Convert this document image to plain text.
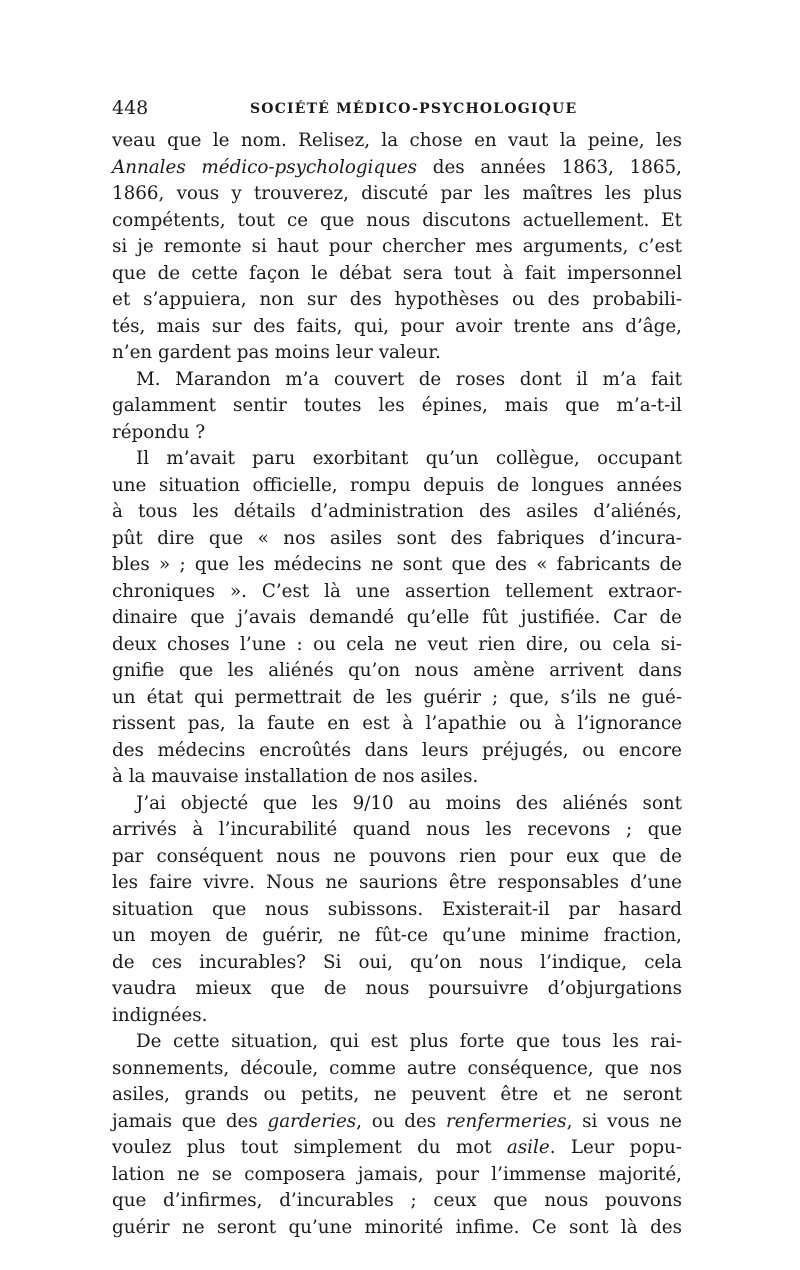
448	SOCIÉTÉ MÉDICO-PSYCHOLOGIQUE
veau que le nom. Relisez, la chose en vaut la peine, les
Annales médico-psychologiques des années 1863, 1865,
1866, vous y trouverez, discuté par les maîtres les plus
compétents, tout ce que nous discutons actuellement. Et
si je remonte si haut pour chercher mes arguments, c’est
que de cette façon le débat sera tout à fait impersonnel
et s’appuiera, non sur des hypothèses ou des probabili-
tés, mais sur des faits, qui, pour avoir trente ans d’âge,
n’en gardent pas moins leur valeur.
M. Marandon m’a couvert de roses dont il m’a fait
galamment sentir toutes les épines, mais que m’a-t-il
répondu ?
Il m’avait paru exorbitant qu’un collègue, occupant
une situation officielle, rompu depuis de longues années
à tous les détails d’administration des asiles d’aliénés,
pût dire que « nos asiles sont des fabriques d’incura-
bles » ; que les médecins ne sont que des « fabricants de
chroniques ». C’est là une assertion tellement extraor-
dinaire que j’avais demandé qu’elle fût justifiée. Car de
deux choses l’une : ou cela ne veut rien dire, ou cela si-
gnifie que les aliénés qu’on nous amène arrivent dans
un état qui permettrait de les guérir ; que, s’ils ne gué-
rissent pas, la faute en est à l’apathie ou à l’ignorance
des médecins encroûtés dans leurs préjugés, ou encore
à la mauvaise installation de nos asiles.
J’ai objecté que les 9/10 au moins des aliénés sont
arrivés à l’incurabilité quand nous les recevons ; que
par conséquent nous ne pouvons rien pour eux que de
les faire vivre. Nous ne saurions être responsables d’une
situation que nous subissons. Existerait-il par hasard
un moyen de guérir, ne fût-ce qu’une minime fraction,
de ces incurables? Si oui, qu’on nous l’indique, cela
vaudra mieux que de nous poursuivre d’objurgations
indignées.
De cette situation, qui est plus forte que tous les rai-
sonnements, découle, comme autre conséquence, que nos
asiles, grands ou petits, ne peuvent être et ne seront
jamais que des garderies, ou des renfermeries, si vous ne
voulez plus tout simplement du mot asile. Leur popu-
lation ne se composera jamais, pour l’immense majorité,
que d’infirmes, d’incurables ; ceux que nous pouvons
guérir ne seront qu’une minorité infime. Ce sont là des
